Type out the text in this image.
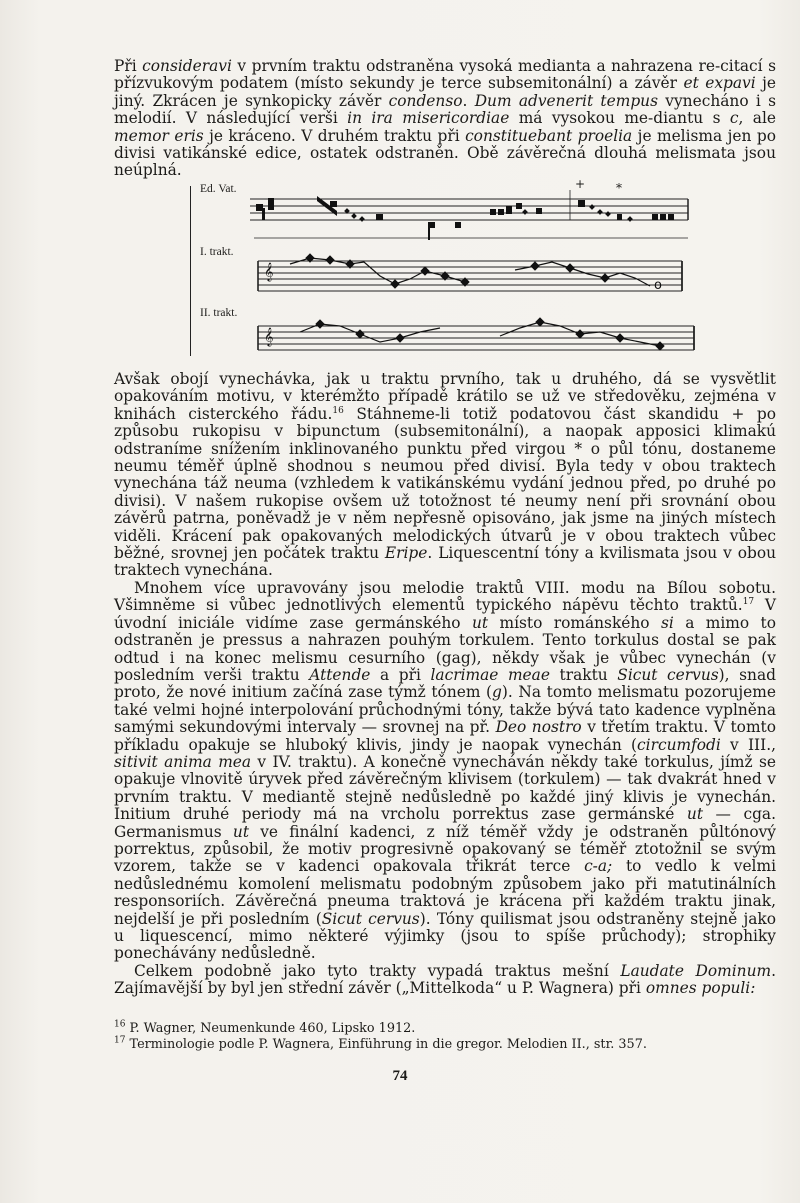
Při consideravi v prvním traktu odstraněna vysoká medianta a nahrazena re-citací s přízvukovým podatem (místo sekundy je terce subsemitonální) a závěr et expavi je jiný. Zkrácen je synkopicky závěr condenso. Dum advenerit tempus vynecháno i s melodií. V následující verši in ira misericordiae má vysokou me-diantu s c, ale memor eris je kráceno. V druhém traktu při constituebant proelia je melisma jen po divisi vatikánské edice, ostatek odstraněn. Obě závěrečná dlouhá melismata jsou neúplná.

Ed. Vat.
I. trakt.
II. trakt.
+	*
𝄞
o
𝄞

Avšak obojí vynechávka, jak u traktu prvního, tak u druhého, dá se vysvětlit opakováním motivu, v kterémžto případě krátilo se už ve středověku, zejména v knihách cisterckého řádu.$^{16}$ Stáhneme-li totiž podatovou část skandidu + po způsobu rukopisu v bipunctum (subsemitonální), a naopak apposici klimakú odstraníme snížením inklinovaného punktu před virgou * o půl tónu, dostaneme neumu téměř úplně shodnou s neumou před divisí. Byla tedy v obou traktech vynechána táž neuma (vzhledem k vatikánskému vydání jednou před, po druhé po divisi). V našem rukopise ovšem už totožnost té neumy není při srovnání obou závěrů patrna, poněvadž je v něm nepřesně opisováno, jak jsme na jiných místech viděli. Krácení pak opakovaných melodických útvarů je v obou traktech vůbec běžné, srovnej jen počátek traktu Eripe. Liquescentní tóny a kvilismata jsou v obou traktech vynechána.

Mnohem více upravovány jsou melodie traktů VIII. modu na Bílou sobotu. Všimněme si vůbec jednotlivých elementů typického nápěvu těchto traktů.$^{17}$ V úvodní iniciále vidíme zase germánského ut místo románského si a mimo to odstraněn je pressus a nahrazen pouhým torkulem. Tento torkulus dostal se pak odtud i na konec melismu cesurního (gag), někdy však je vůbec vynechán (v posledním verši traktu Attende a při lacrimae meae traktu Sicut cervus), snad proto, že nové initium začíná zase týmž tónem (g). Na tomto melismatu pozorujeme také velmi hojné interpolování průchodnými tóny, takže bývá tato kadence vyplněna samými sekundovými intervaly — srovnej na př. Deo nostro v třetím traktu. V tomto příkladu opakuje se hluboký klivis, jindy je naopak vynechán (circumfodi v III., sitivit anima mea v IV. traktu). A konečně vynecháván někdy také torkulus, jímž se opakuje vlnovitě úryvek před závěrečným klivisem (torkulem) — tak dvakrát hned v prvním traktu. V mediantě stejně nedůsledně po každé jiný klivis je vynechán. Initium druhé periody má na vrcholu porrektus zase germánské ut — cga. Germanismus ut ve finální kadenci, z níž téměř vždy je odstraněn půltónový porrektus, způsobil, že motiv progresivně opakovaný se téměř ztotožnil se svým vzorem, takže se v kadenci opakovala třikrát terce c-a; to vedlo k velmi nedůslednému komolení melismatu podobným způsobem jako při matutinálních responsoriích. Závěrečná pneuma traktová je krácena při každém traktu jinak, nejdelší je při posledním (Sicut cervus). Tóny quilismat jsou odstraněny stejně jako u liquescencí, mimo některé výjimky (jsou to spíše průchody); strophiky ponechávány nedůsledně.

Celkem podobně jako tyto trakty vypadá traktus mešní Laudate Dominum. Zajímavější by byl jen střední závěr („Mittelkoda“ u P. Wagnera) při omnes populi:

$^{16}$ P. Wagner, Neumenkunde 460, Lipsko 1912.
$^{17}$ Terminologie podle P. Wagnera, Einführung in die gregor. Melodien II., str. 357.
74
